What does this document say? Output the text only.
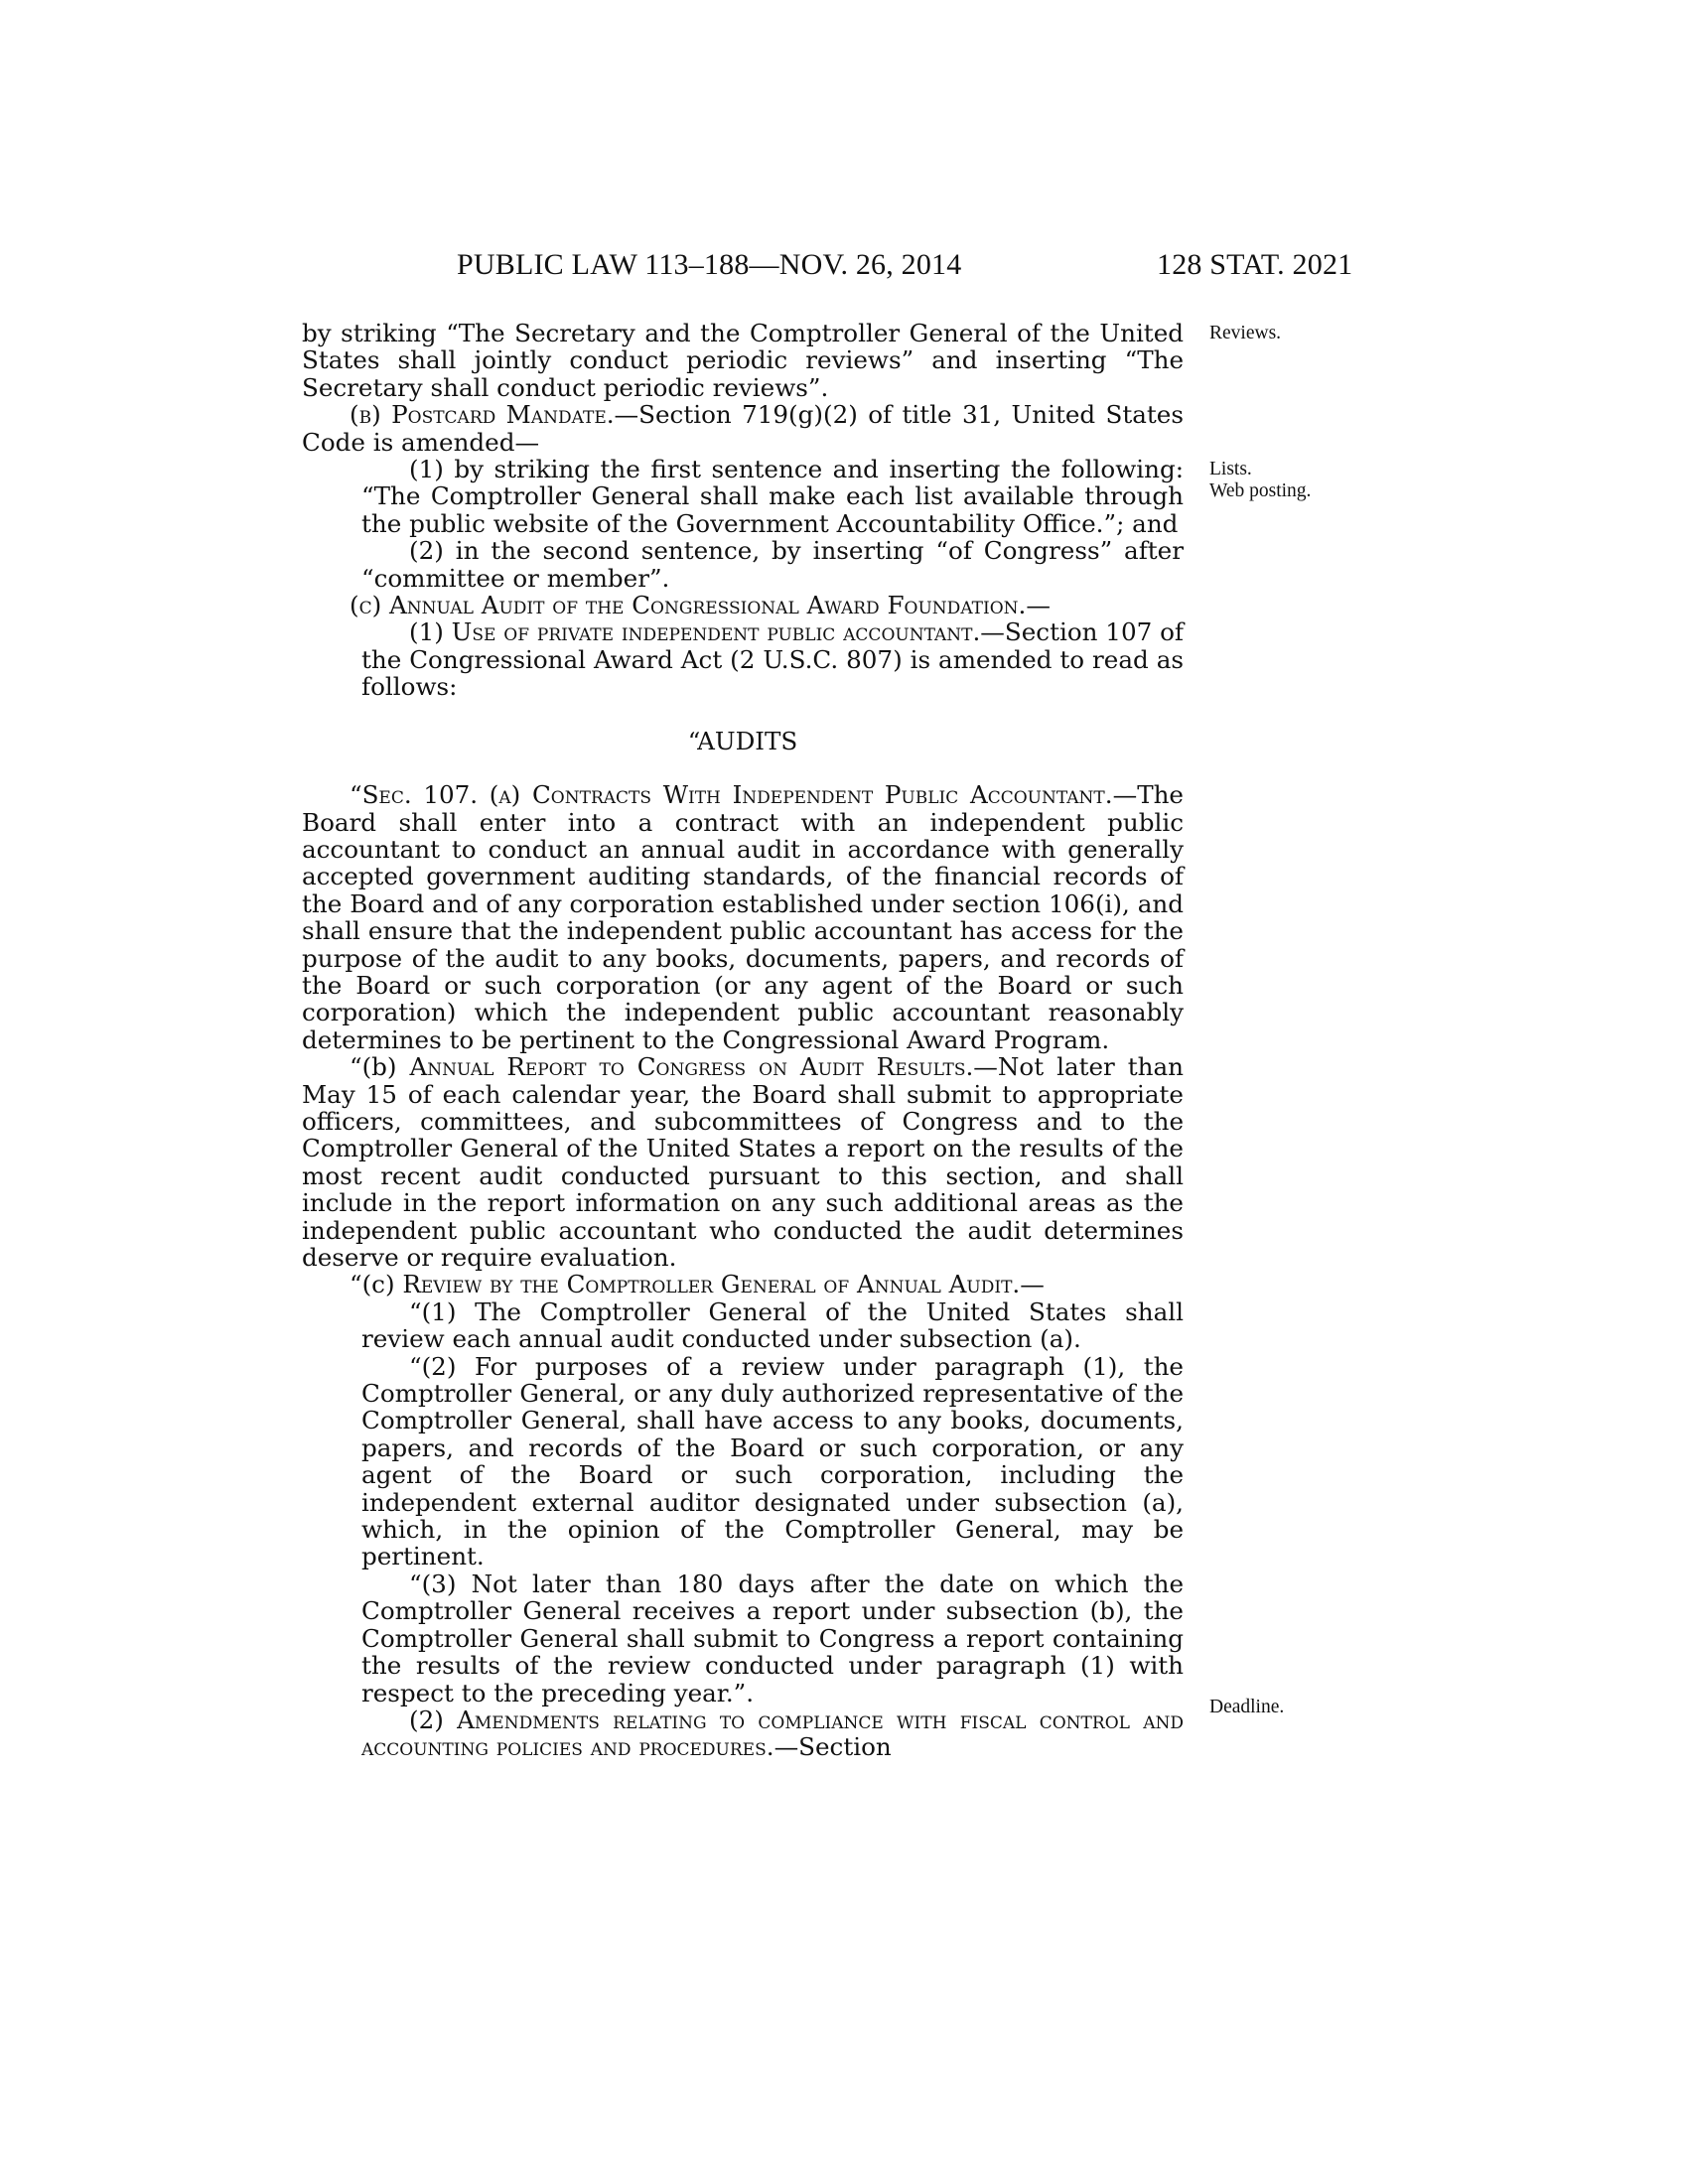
PUBLIC LAW 113–188—NOV. 26, 2014	128 STAT. 2021
Reviews.
Lists.
Web posting.
Deadline.

by striking “The Secretary and the Comptroller General of the United States shall jointly conduct periodic reviews” and inserting “The Secretary shall conduct periodic reviews”.

(b) Postcard Mandate.—Section 719(g)(2) of title 31, United States Code is amended—

(1) by striking the first sentence and inserting the following: “The Comptroller General shall make each list available through the public website of the Government Accountability Office.”; and

(2) in the second sentence, by inserting “of Congress” after “committee or member”.

(c) Annual Audit of the Congressional Award Foundation.—

(1) Use of private independent public accountant.—Section 107 of the Congressional Award Act (2 U.S.C. 807) is amended to read as follows:

“AUDITS

“Sec. 107. (a) Contracts With Independent Public Accountant.—The Board shall enter into a contract with an independent public accountant to conduct an annual audit in accordance with generally accepted government auditing standards, of the financial records of the Board and of any corporation established under section 106(i), and shall ensure that the independent public accountant has access for the purpose of the audit to any books, documents, papers, and records of the Board or such corporation (or any agent of the Board or such corporation) which the independent public accountant reasonably determines to be pertinent to the Congressional Award Program.

“(b) Annual Report to Congress on Audit Results.—Not later than May 15 of each calendar year, the Board shall submit to appropriate officers, committees, and subcommittees of Congress and to the Comptroller General of the United States a report on the results of the most recent audit conducted pursuant to this section, and shall include in the report information on any such additional areas as the independent public accountant who conducted the audit determines deserve or require evaluation.

“(c) Review by the Comptroller General of Annual Audit.—

“(1) The Comptroller General of the United States shall review each annual audit conducted under subsection (a).

“(2) For purposes of a review under paragraph (1), the Comptroller General, or any duly authorized representative of the Comptroller General, shall have access to any books, documents, papers, and records of the Board or such corporation, or any agent of the Board or such corporation, including the independent external auditor designated under subsection (a), which, in the opinion of the Comptroller General, may be pertinent.

“(3) Not later than 180 days after the date on which the Comptroller General receives a report under subsection (b), the Comptroller General shall submit to Congress a report containing the results of the review conducted under paragraph (1) with respect to the preceding year.”.

(2) Amendments relating to compliance with fiscal control and accounting policies and procedures.—Section
